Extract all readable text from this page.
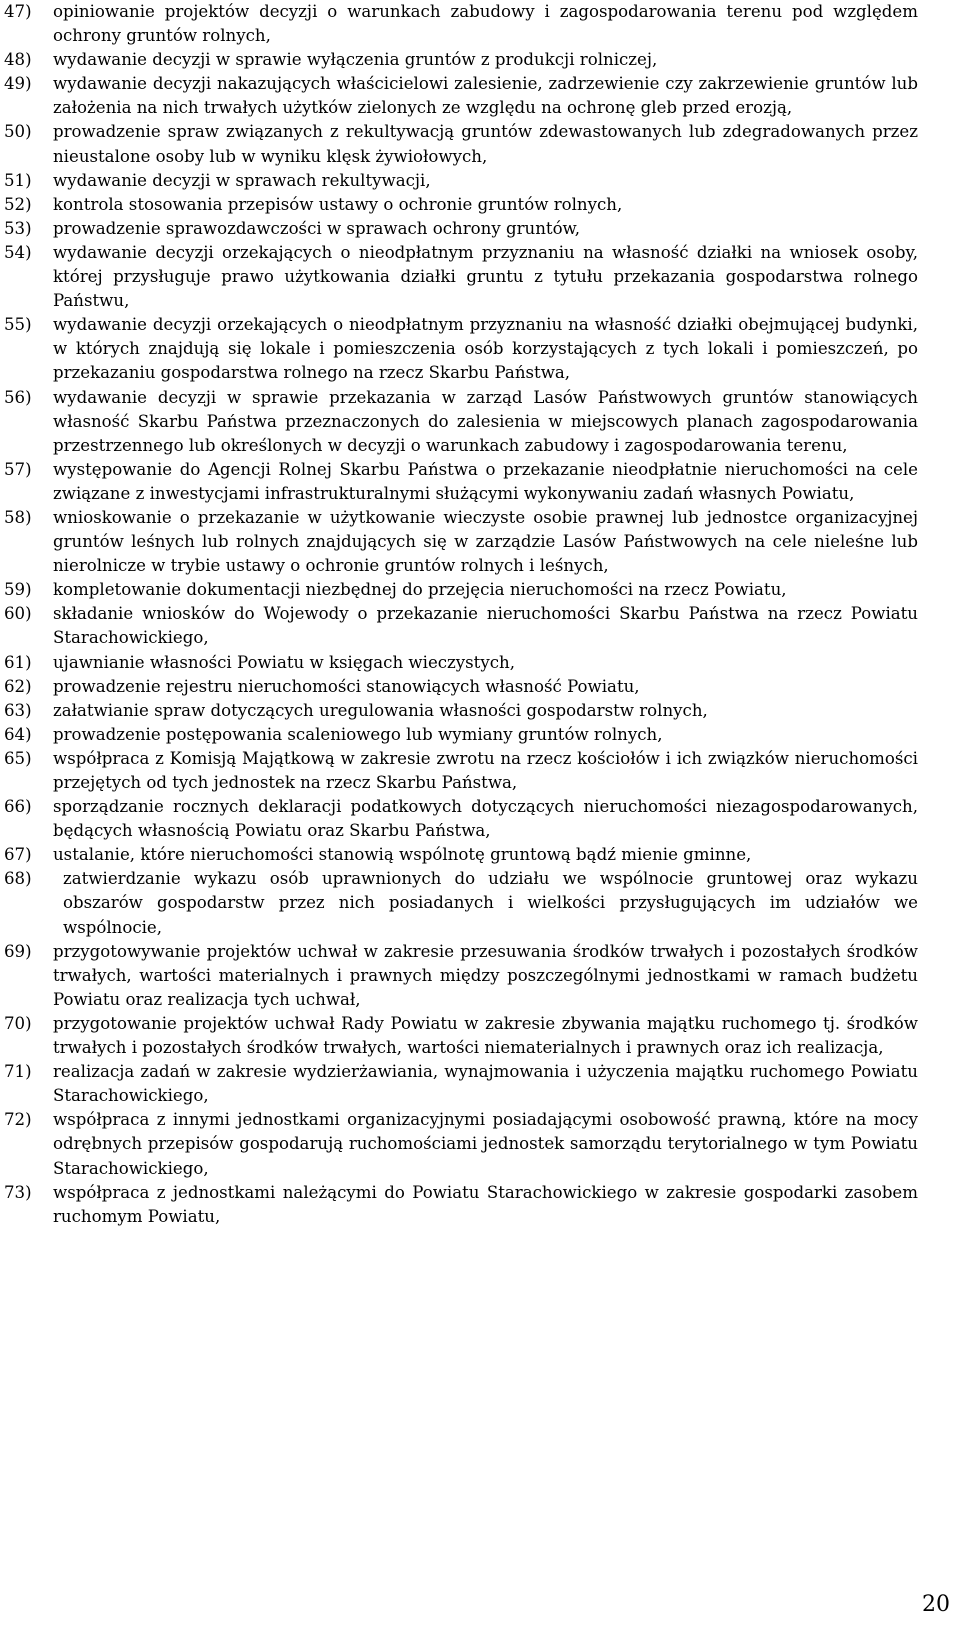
47)	opiniowanie projektów decyzji o warunkach zabudowy i zagospodarowania terenu pod względem ochrony gruntów rolnych,
48)	wydawanie decyzji w sprawie wyłączenia gruntów z produkcji rolniczej,
49)	wydawanie decyzji nakazujących właścicielowi zalesienie, zadrzewienie czy zakrzewienie gruntów lub założenia na nich trwałych użytków zielonych ze względu na ochronę gleb przed erozją,
50)	prowadzenie spraw związanych z rekultywacją gruntów zdewastowanych lub zdegradowanych przez nieustalone osoby lub w wyniku klęsk żywiołowych,
51)	wydawanie decyzji w sprawach rekultywacji,
52)	kontrola stosowania przepisów ustawy o ochronie gruntów rolnych,
53)	prowadzenie sprawozdawczości w sprawach ochrony gruntów,
54)	wydawanie decyzji orzekających o nieodpłatnym przyznaniu na własność działki na wniosek osoby, której przysługuje prawo użytkowania działki gruntu z tytułu przekazania gospodarstwa rolnego Państwu,
55)	wydawanie decyzji orzekających o nieodpłatnym przyznaniu na własność działki obejmującej budynki, w których znajdują się lokale i pomieszczenia osób korzystających z tych lokali i pomieszczeń, po przekazaniu gospodarstwa rolnego na rzecz Skarbu Państwa,
56)	wydawanie decyzji w sprawie przekazania w zarząd Lasów Państwowych gruntów stanowiących własność Skarbu Państwa przeznaczonych do zalesienia w miejscowych planach zagospodarowania przestrzennego lub określonych w decyzji o warunkach zabudowy i zagospodarowania terenu,
57)	występowanie do Agencji Rolnej Skarbu Państwa o przekazanie nieodpłatnie nieruchomości na cele związane z inwestycjami infrastrukturalnymi służącymi wykonywaniu zadań własnych Powiatu,
58)	wnioskowanie o przekazanie w użytkowanie wieczyste osobie prawnej lub jednostce organizacyjnej gruntów leśnych lub rolnych znajdujących się w zarządzie Lasów Państwowych na cele nieleśne lub nierolnicze w trybie ustawy o ochronie gruntów rolnych i leśnych,
59)	kompletowanie dokumentacji niezbędnej do przejęcia nieruchomości na rzecz Powiatu,
60)	składanie wniosków do Wojewody o przekazanie nieruchomości Skarbu Państwa na rzecz Powiatu Starachowickiego,
61)	ujawnianie własności Powiatu w księgach wieczystych,
62)	prowadzenie rejestru nieruchomości stanowiących własność Powiatu,
63)	załatwianie spraw dotyczących uregulowania własności gospodarstw rolnych,
64)	prowadzenie postępowania scaleniowego lub wymiany gruntów rolnych,
65)	współpraca z Komisją Majątkową w zakresie zwrotu na rzecz kościołów i ich związków nieruchomości przejętych od tych jednostek na rzecz Skarbu Państwa,
66)	sporządzanie rocznych deklaracji podatkowych dotyczących nieruchomości niezagospodarowanych, będących własnością Powiatu oraz Skarbu Państwa,
67)	ustalanie, które nieruchomości stanowią wspólnotę gruntową bądź mienie gminne,
68)	zatwierdzanie wykazu osób uprawnionych do udziału we wspólnocie gruntowej oraz wykazu obszarów gospodarstw przez nich posiadanych i wielkości przysługujących im udziałów we wspólnocie,
69)	przygotowywanie projektów uchwał w zakresie przesuwania środków trwałych i pozostałych środków trwałych, wartości materialnych i prawnych między poszczególnymi jednostkami w ramach budżetu Powiatu oraz realizacja tych uchwał,
70)	przygotowanie projektów uchwał Rady Powiatu w zakresie zbywania majątku ruchomego tj. środków trwałych i pozostałych środków trwałych, wartości niematerialnych i prawnych oraz ich realizacja,
71)	realizacja zadań w zakresie wydzierżawiania, wynajmowania i użyczenia majątku ruchomego Powiatu Starachowickiego,
72)	współpraca z innymi jednostkami organizacyjnymi posiadającymi osobowość prawną, które na mocy odrębnych przepisów gospodarują ruchomościami jednostek samorządu terytorialnego w tym Powiatu Starachowickiego,
73)	współpraca z jednostkami należącymi do Powiatu Starachowickiego w zakresie gospodarki zasobem ruchomym Powiatu,
20
